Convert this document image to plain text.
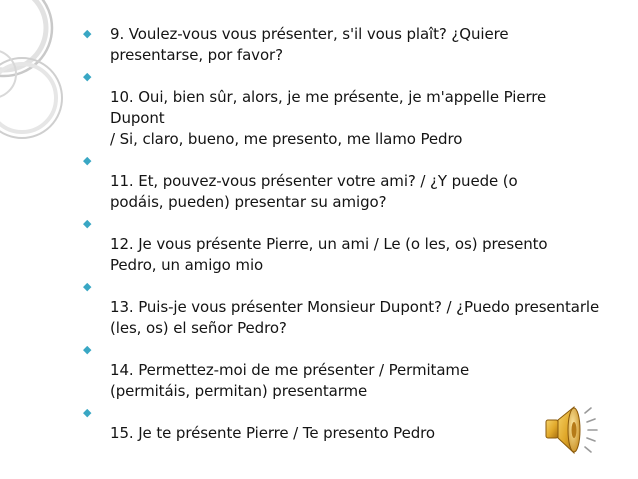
◆ 9. Voulez-vous vous présenter, s'il vous plaît? ¿Quiere
presentarse, por favor?
◆
10. Oui, bien sûr, alors, je me présente, je m'appelle Pierre Dupont
/ Si, claro, bueno, me presento, me llamo Pedro
◆
11. Et, pouvez-vous présenter votre ami? / ¿Y puede (o
podáis, pueden) presentar su amigo?
◆
12. Je vous présente Pierre, un ami / Le (o les, os) presento
Pedro, un amigo mio
◆
13. Puis-je vous présenter Monsieur Dupont? / ¿Puedo presentarle
(les, os) el señor Pedro?
◆
14. Permettez-moi de me présenter / Permitame
(permitáis, permitan) presentarme
◆
15. Je te présente Pierre / Te presento Pedro
